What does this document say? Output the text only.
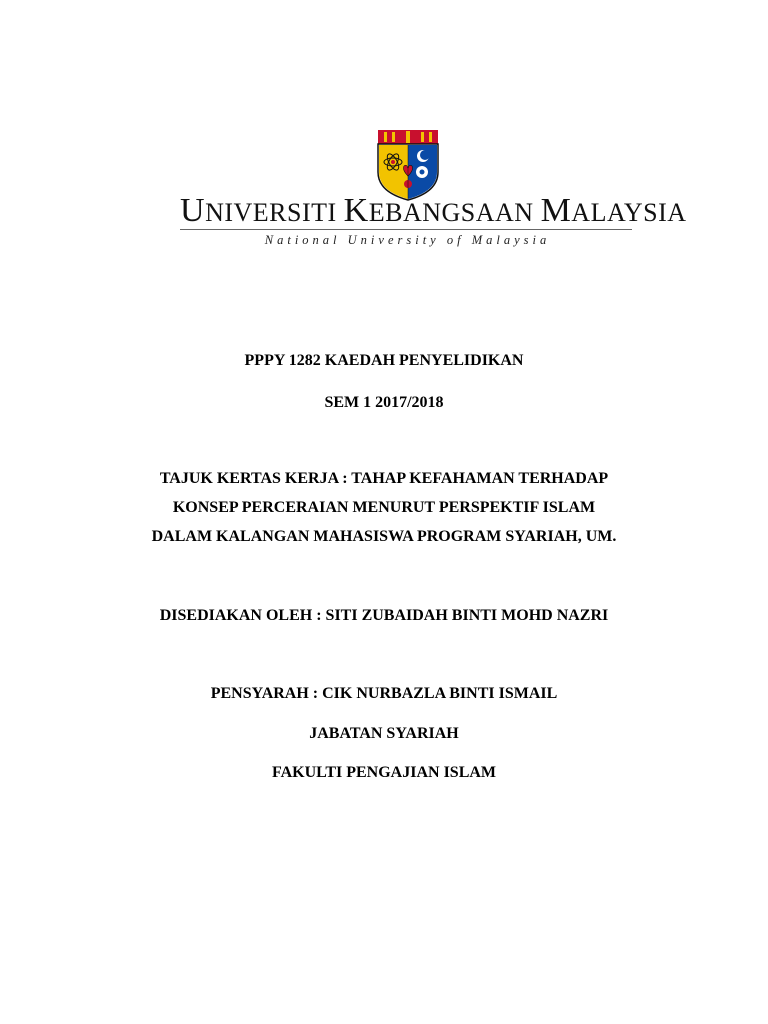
UNIVERSITI KEBANGSAAN MALAYSIA
National University of Malaysia
PPPY 1282 KAEDAH PENYELIDIKAN
SEM 1 2017/2018
TAJUK KERTAS KERJA : TAHAP KEFAHAMAN TERHADAP
KONSEP PERCERAIAN MENURUT PERSPEKTIF ISLAM
DALAM KALANGAN MAHASISWA PROGRAM SYARIAH, UM.
DISEDIAKAN OLEH : SITI ZUBAIDAH BINTI MOHD NAZRI
PENSYARAH : CIK NURBAZLA BINTI ISMAIL
JABATAN SYARIAH
FAKULTI PENGAJIAN ISLAM
